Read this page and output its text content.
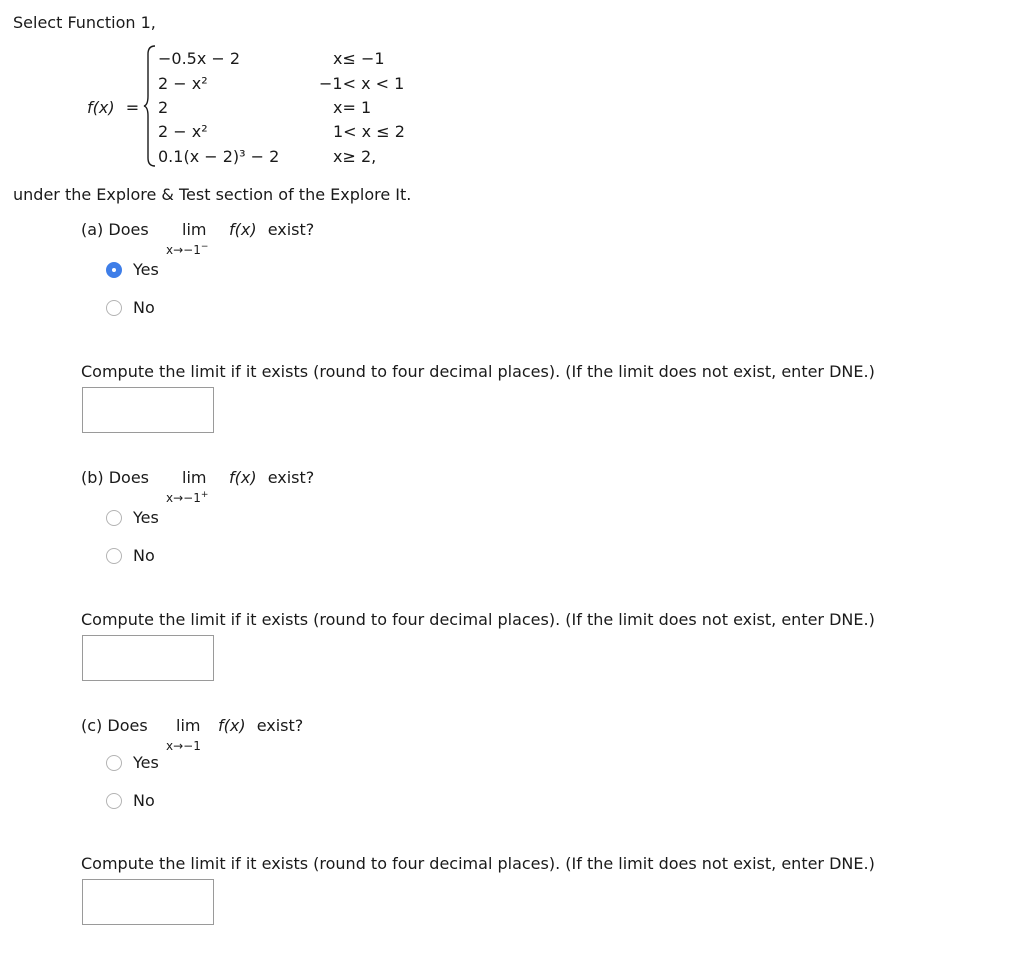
Select Function 1,
f(x) =
−0.5x − 2
2 − x²
2
2 − x²
0.1(x − 2)³ − 2
x≤ −1
−1< x < 1
x= 1
1< x ≤ 2
x≥ 2,
under the Explore & Test section of the Explore It.
(a) Does lim
x→−1−
f(x) exist?
Yes
No
Compute the limit if it exists (round to four decimal places). (If the limit does not exist, enter DNE.)
(b) Does lim
x→−1+
f(x) exist?
Yes
No
Compute the limit if it exists (round to four decimal places). (If the limit does not exist, enter DNE.)
(c) Does lim
x→−1
f(x) exist?
Yes
No
Compute the limit if it exists (round to four decimal places). (If the limit does not exist, enter DNE.)
